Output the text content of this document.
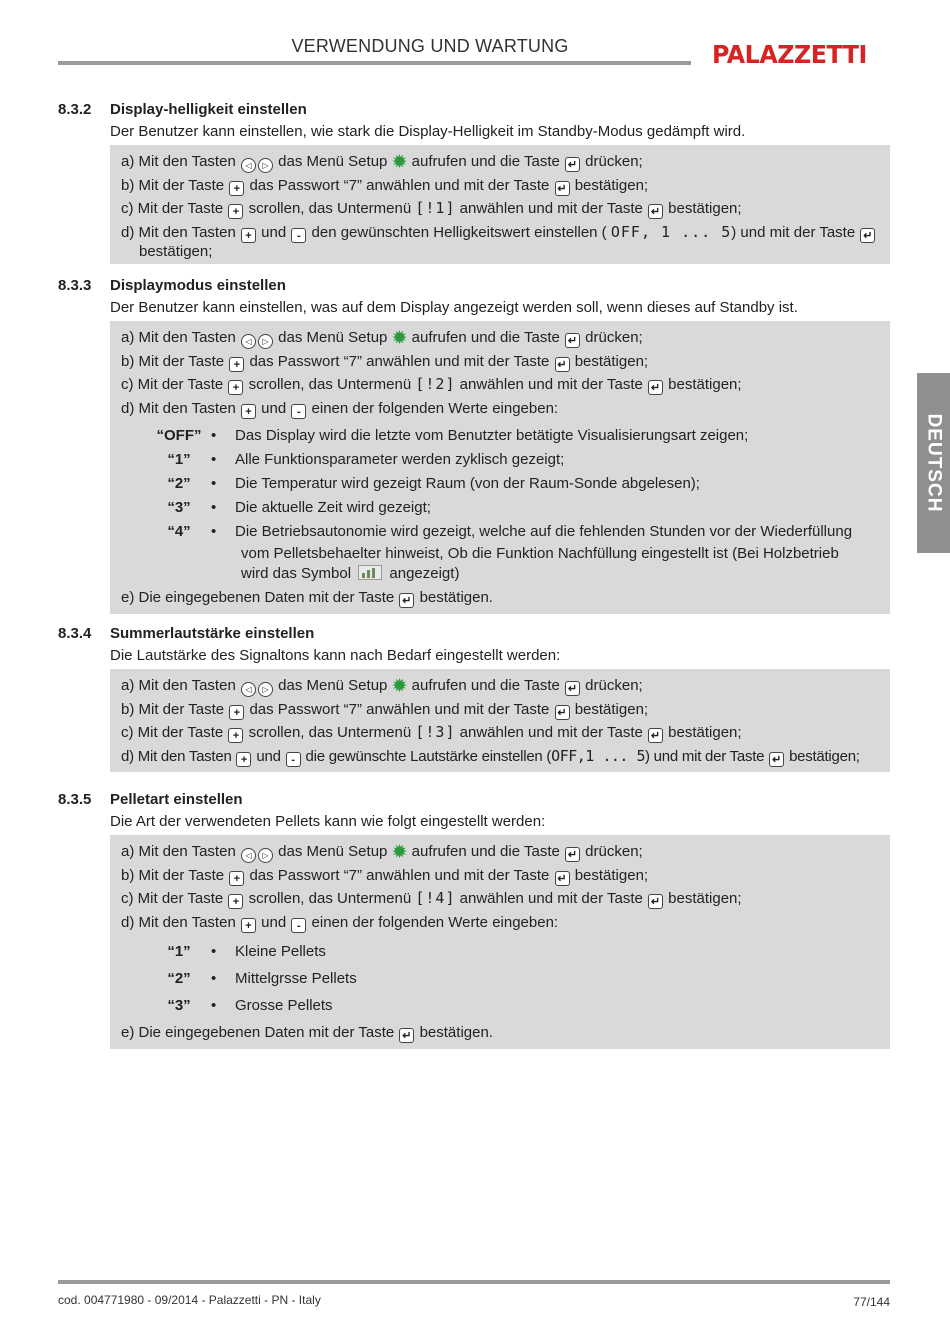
VERWENDUNG UND WARTUNG	PALAZZETTI
DEUTSCH
8.3.2 Display-helligkeit einstellen
Der Benutzer kann einstellen, wie stark die Display-Helligkeit im Standby-Modus gedämpft wird.
a) Mit den Tasten ◁ ▷ das Menü Setup ✹ aufrufen und die Taste ↵ drücken;
b) Mit der Taste + das Passwort “7” anwählen und mit der Taste ↵ bestätigen;
c) Mit der Taste + scrollen, das Untermenü [!1] anwählen und mit der Taste ↵ bestätigen;
d) Mit den Tasten + und - den gewünschten Helligkeitswert einstellen ( OFF, 1 ... 5) und mit der Taste ↵
bestätigen;
8.3.3 Displaymodus einstellen
Der Benutzer kann einstellen, was auf dem Display angezeigt werden soll, wenn dieses auf Standby ist.
a) Mit den Tasten ◁ ▷ das Menü Setup ✹ aufrufen und die Taste ↵ drücken;
b) Mit der Taste + das Passwort “7” anwählen und mit der Taste ↵ bestätigen;
c) Mit der Taste + scrollen, das Untermenü [!2] anwählen und mit der Taste ↵ bestätigen;
d) Mit den Tasten + und - einen der folgenden Werte eingeben:
“OFF” •	Das Display wird die letzte vom Benutzter betätigte Visualisierungsart zeigen;
“1”	•	Alle Funktionsparameter werden zyklisch gezeigt;
“2”	•	Die Temperatur wird gezeigt Raum (von der Raum-Sonde abgelesen);
“3”	•	Die aktuelle Zeit wird gezeigt;
“4”	•	Die Betriebsautonomie wird gezeigt, welche auf die fehlenden Stunden vor der Wiederfüllung
vom Pelletsbehaelter hinweist, Ob die Funktion Nachfüllung eingestellt ist (Bei Holzbetrieb
wird das Symbol	angezeigt)
e) Die eingegebenen Daten mit der Taste ↵ bestätigen.
8.3.4 Summerlautstärke einstellen
Die Lautstärke des Signaltons kann nach Bedarf eingestellt werden:
a) Mit den Tasten ◁ ▷ das Menü Setup ✹ aufrufen und die Taste ↵ drücken;
b) Mit der Taste + das Passwort “7” anwählen und mit der Taste ↵ bestätigen;
c) Mit der Taste + scrollen, das Untermenü [!3] anwählen und mit der Taste ↵ bestätigen;
d) Mit den Tasten + und - die gewünschte Lautstärke einstellen (OFF,1 ... 5) und mit der Taste ↵ bestätigen;
8.3.5 Pelletart einstellen
Die Art der verwendeten Pellets kann wie folgt eingestellt werden:
a) Mit den Tasten ◁ ▷ das Menü Setup ✹ aufrufen und die Taste ↵ drücken;
b) Mit der Taste + das Passwort “7” anwählen und mit der Taste ↵ bestätigen;
c) Mit der Taste + scrollen, das Untermenü [!4] anwählen und mit der Taste ↵ bestätigen;
d) Mit den Tasten + und - einen der folgenden Werte eingeben:
“1”	•	Kleine Pellets
“2”	•	Mittelgrsse Pellets
“3”	•	Grosse Pellets
e) Die eingegebenen Daten mit der Taste ↵ bestätigen.
cod. 004771980 - 09/2014 - Palazzetti - PN - Italy	77/144
